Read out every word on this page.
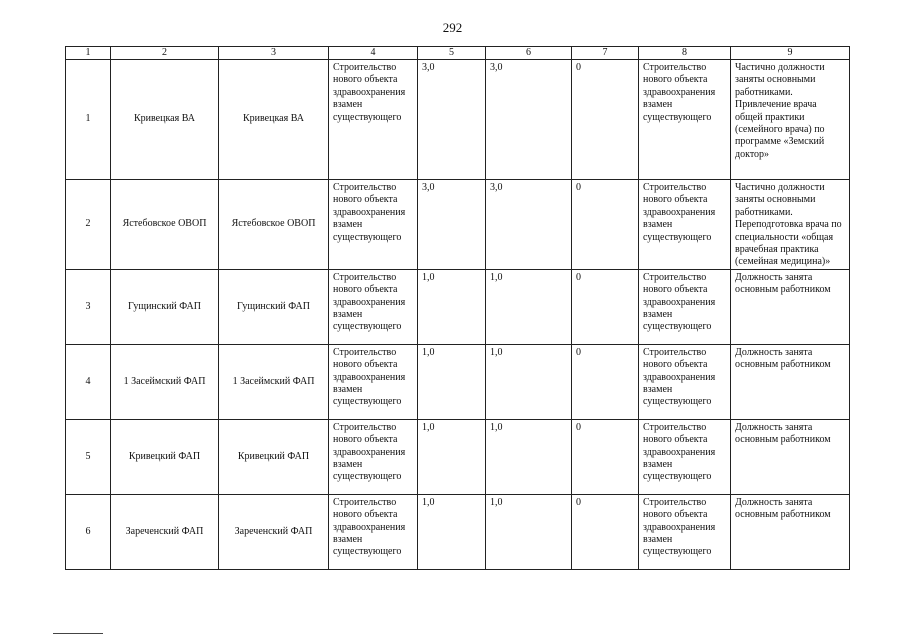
292
1	2	3	4	5	6	7	8	9
1	Кривецкая ВА	Кривецкая ВА	Строительство нового объекта здравоохранения взамен существующего	3,0	3,0	0	Строительство нового объекта здравоохранения взамен существующего	Частично должности заняты основными работниками. Привлечение врача общей практики (семейного врача) по программе «Земский доктор»
2	Ястебовское ОВОП	Ястебовское ОВОП	Строительство нового объекта здравоохранения взамен существующего	3,0	3,0	0	Строительство нового объекта здравоохранения взамен существующего	Частично должности заняты основными работниками. Переподготовка врача по специальности «общая врачебная практика (семейная медицина)»
3	Гущинский ФАП	Гущинский ФАП	Строительство нового объекта здравоохранения взамен существующего	1,0	1,0	0	Строительство нового объекта здравоохранения взамен существующего	Должность занята основным работником
4	1 Засеймский ФАП	1 Засеймский ФАП	Строительство нового объекта здравоохранения взамен существующего	1,0	1,0	0	Строительство нового объекта здравоохранения взамен существующего	Должность занята основным работником
5	Кривецкий ФАП	Кривецкий ФАП	Строительство нового объекта здравоохранения взамен существующего	1,0	1,0	0	Строительство нового объекта здравоохранения взамен существующего	Должность занята основным работником
6	Зареченский ФАП	Зареченский ФАП	Строительство нового объекта здравоохранения взамен существующего	1,0	1,0	0	Строительство нового объекта здравоохранения взамен существующего	Должность занята основным работником
